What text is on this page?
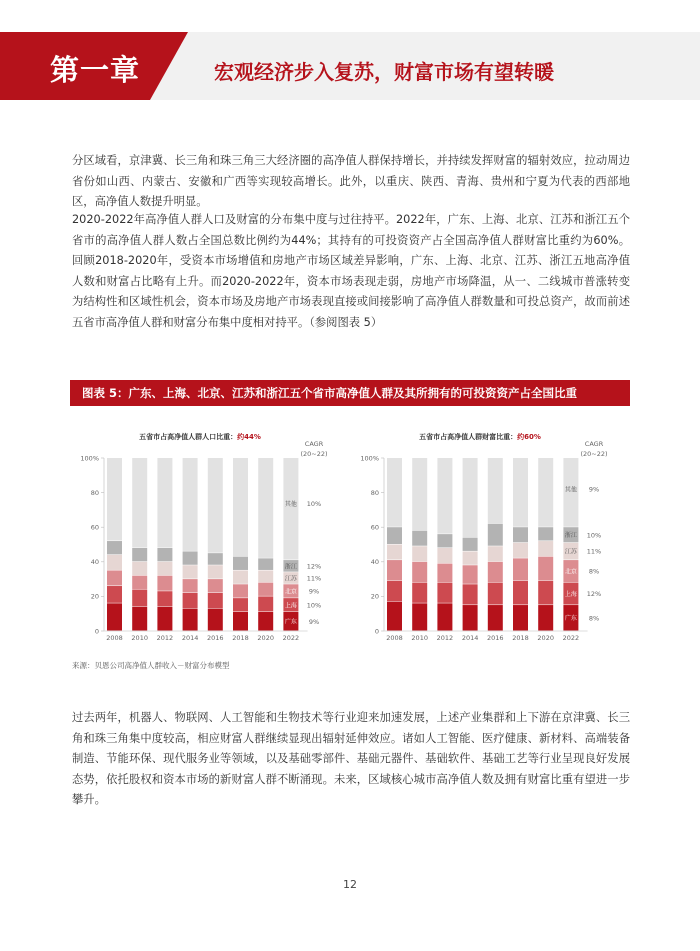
第一章	宏观经济步入复苏，财富市场有望转暖

分区域看，京津冀、长三角和珠三角三大经济圈的高净值人群保持增长，并持续发挥财富的辐射效应，拉动周边省份如山西、内蒙古、安徽和广西等实现较高增长。此外，以重庆、陕西、青海、贵州和宁夏为代表的西部地区，高净值人数提升明显。

2020-2022年高净值人群人口及财富的分布集中度与过往持平。2022年，广东、上海、北京、江苏和浙江五个省市的高净值人群人数占全国总数比例约为44%；其持有的可投资资产占全国高净值人群财富比重约为60%。回顾2018-2020年，受资本市场增值和房地产市场区域差异影响，广东、上海、北京、江苏、浙江五地高净值人数和财富占比略有上升。而2020-2022年，资本市场表现走弱，房地产市场降温，从一、二线城市普涨转变为结构性和区域性机会，资本市场及房地产市场表现直接或间接影响了高净值人群数量和可投总资产，故而前述五省市高净值人群和财富分布集中度相对持平。（参阅图表 5）

过去两年，机器人、物联网、人工智能和生物技术等行业迎来加速发展，上述产业集群和上下游在京津冀、长三角和珠三角集中度较高，相应财富人群继续显现出辐射延伸效应。诸如人工智能、医疗健康、新材料、高端装备制造、节能环保、现代服务业等领域，以及基础零部件、基础元器件、基础软件、基础工艺等行业呈现良好发展态势，依托股权和资本市场的新财富人群不断涌现。未来，区域核心城市高净值人数及拥有财富比重有望进一步攀升。

图表 5：广东、上海、北京、江苏和浙江五个省市高净值人群及其所拥有的可投资资产占全国比重
五省市占高净值人群人口比重：约44%
0
20
40
60
80
100%
2008 2010 2012 2014 2016 2018 2020 2022
广东 9%
上海 10%
北京 9%
江苏 11%
浙江 12%
其他 10%
CAGR
(20~22)
五省市占高净值人群财富比重：约60%
0
20
40
60
80
100%
2008 2010 2012 2014 2016 2018 2020 2022
广东 8%
上海 12%
北京 8%
江苏 11%
浙江 10%
其他 9%
CAGR
(20~22)
来源：贝恩公司高净值人群收入－财富分布模型
12
